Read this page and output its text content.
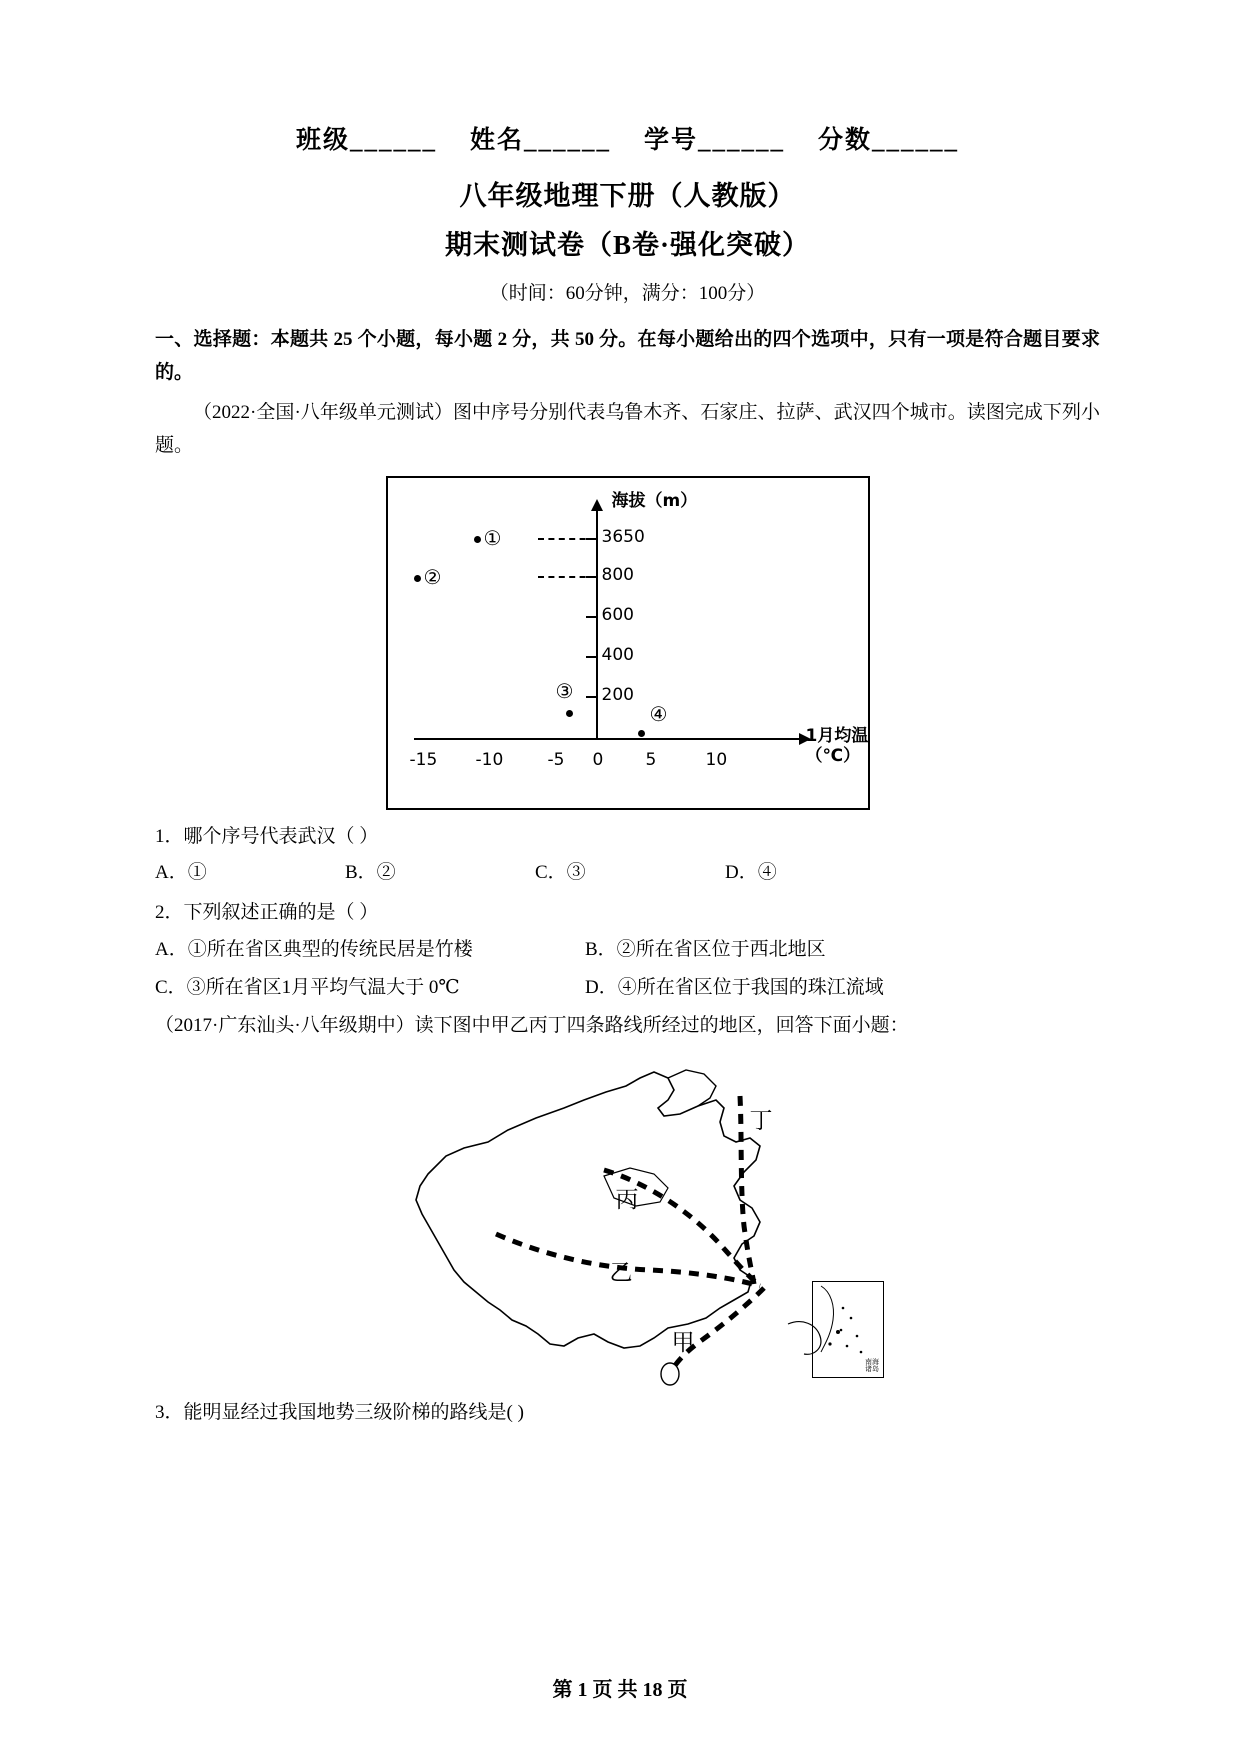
班级______    姓名______    学号______    分数______
八年级地理下册（人教版）
期末测试卷（B卷·强化突破）
（时间：60分钟，满分：100分）
一、选择题：本题共 25 个小题，每小题 2 分，共 50 分。在每小题给出的四个选项中，只有一项是符合题目要求的。
（2022·全国·八年级单元测试）图中序号分别代表乌鲁木齐、石家庄、拉萨、武汉四个城市。读图完成下列小题。
海拔（m）
1月均温（℃）
3650
800
600
400
200
-15 -10	-5 0 5	10
①
②
③
④
1．哪个序号代表武汉（ ）
A．①	B．②	C．③	D．④
2．下列叙述正确的是（ ）
A．①所在省区典型的传统民居是竹楼	B．②所在省区位于西北地区
C．③所在省区1月平均气温大于 0℃	D．④所在省区位于我国的珠江流域
（2017·广东汕头·八年级期中）读下图中甲乙丙丁四条路线所经过的地区，回答下面小题：
丁
丙
乙
甲
南海
诸岛
3．能明显经过我国地势三级阶梯的路线是( )
第 1 页 共 18 页
